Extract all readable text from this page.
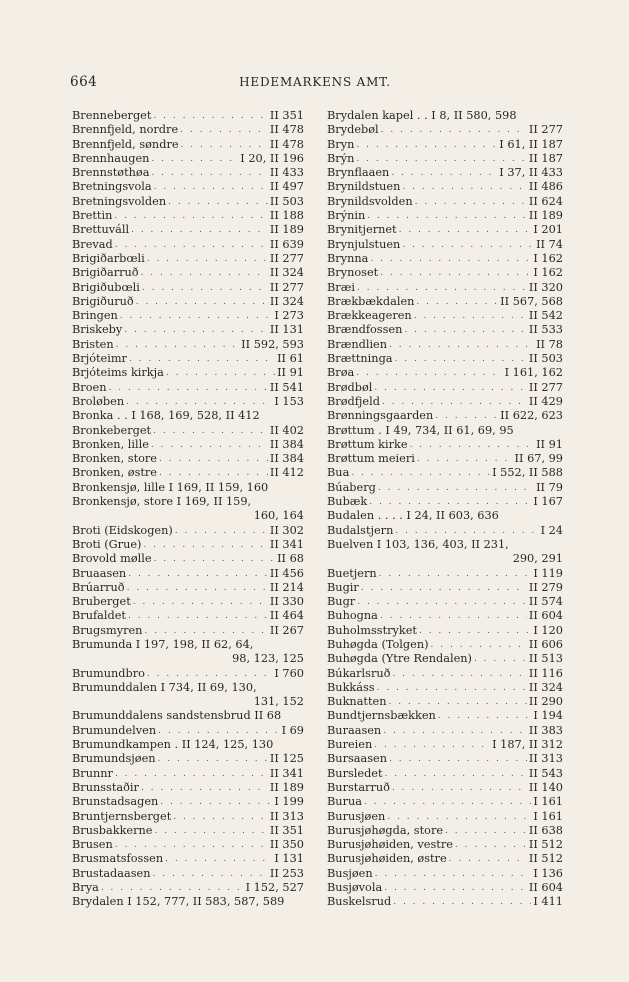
664	HEDEMARKENS AMT.
Brenneberget . . .	II 351
Brennfjeld, nordre . . .	II 478
Brennfjeld, søndre . . .	II 478
Brennhaugen . . .	I 20, II 196
Brennstøthøa . . .	II 433
Bretningsvola . . .	II 497
Bretningsvolden . . .	II 503
Brettin . . .	II 188
Brettuváll . . .	II 189
Brevad . . .	II 639
Brigiðarbœli . . .	II 277
Brigiðarruð . . .	II 324
Brigiðubœli . . .	II 277
Brigiðuruð . . .	II 324
Bringen . . .	I 273
Briskeby . . .	II 131
Bristen . . .	II 592, 593
Brjóteimr . . .	II 61
Brjóteims kirkja . . .	II 91
Broen . . .	II 541
Broløben . . .	I 153
Bronka . . I 168, 169, 528, II 412
Bronkeberget . . .	II 402
Bronken, lille . . .	II 384
Bronken, store . . .	II 384
Bronken, østre . . .	II 412
Bronkensjø, lille I 169, II 159, 160
Bronkensjø, store I 169, II 159,
160, 164
Broti (Eidskogen) . . .	II 302
Broti (Grue) . . .	II 341
Brovold mølle . . .	II 68
Bruaasen . . .	II 456
Brúarruð . . .	II 214
Bruberget . . .	II 330
Brufaldet . . .	II 464
Brugsmyren . . .	II 267
Brumunda I 197, 198, II 62, 64,
98, 123, 125
Brumundbro . . .	I 760
Brumunddalen I 734, II 69, 130,
131, 152
Brumunddalens sandstensbrud II 68
Brumundelven . . .	I 69
Brumundkampen . II 124, 125, 130
Brumundsjøen . . .	II 125
Brunnr . . .	II 341
Brunsstaðir . . .	II 189
Brunstadsagen . . .	I 199
Bruntjernsberget . . .	II 313
Brusbakkerne . . .	II 351
Brusen . . .	II 350
Brusmatsfossen . . .	I 131
Brustadaasen . . .	II 253
Brya . . .	I 152, 527
Brydalen I 152, 777, II 583, 587, 589
Brydalen kapel . . I 8, II 580, 598
Brydebøl . . .	II 277
Bryn . . .	I 61, II 187
Brýn . . .	II 187
Brynflaaen . . .	I 37, II 433
Brynildstuen . . .	II 486
Brynildsvolden . . .	II 624
Brýnin . . .	II 189
Brynitjernet . . .	I 201
Brynjulstuen . . .	II 74
Brynna . . .	I 162
Brynoset . . .	I 162
Bræi . . .	II 320
Brækbækdalen . . .	II 567, 568
Brækkeageren . . .	II 542
Brændfossen . . .	II 533
Brændlien . . .	II 78
Brættninga . . .	II 503
Brøa . . .	I 161, 162
Brødbøl . . .	II 277
Brødfjeld . . .	II 429
Brønningsgaarden . . .	II 622, 623
Brøttum . I 49, 734, II 61, 69, 95
Brøttum kirke . . .	II 91
Brøttum meieri . . .	II 67, 99
Bua . . .	I 552, II 588
Búaberg . . .	II 79
Bubæk . . .	I 167
Budalen . . . . I 24, II 603, 636
Budalstjern . . .	I 24
Buelven I 103, 136, 403, II 231,
290, 291
Buetjern . . .	I 119
Bugir . . .	II 279
Bugr . . .	II 574
Buhogna . . .	II 604
Buholmsstryket . . .	I 120
Buhøgda (Tolgen) . . .	II 606
Buhøgda (Ytre Rendalen) . . .	II 513
Búkarlsruð . . .	II 116
Bukkáss . . .	II 324
Buknatten . . .	II 290
Bundtjernsbækken . . .	I 194
Buraasen . . .	II 383
Bureien . . .	I 187, II 312
Bursaasen . . .	II 313
Bursledet . . .	II 543
Burstarruð . . .	II 140
Buruа . . .	I 161
Burusjøen . . .	I 161
Burusjøhøgda, store . . .	II 638
Burusjøhøiden, vestre . . .	II 512
Burusjøhøiden, østre . . .	II 512
Busjøen . . .	I 136
Busjøvola . . .	II 604
Buskelsrud . . .	I 411
